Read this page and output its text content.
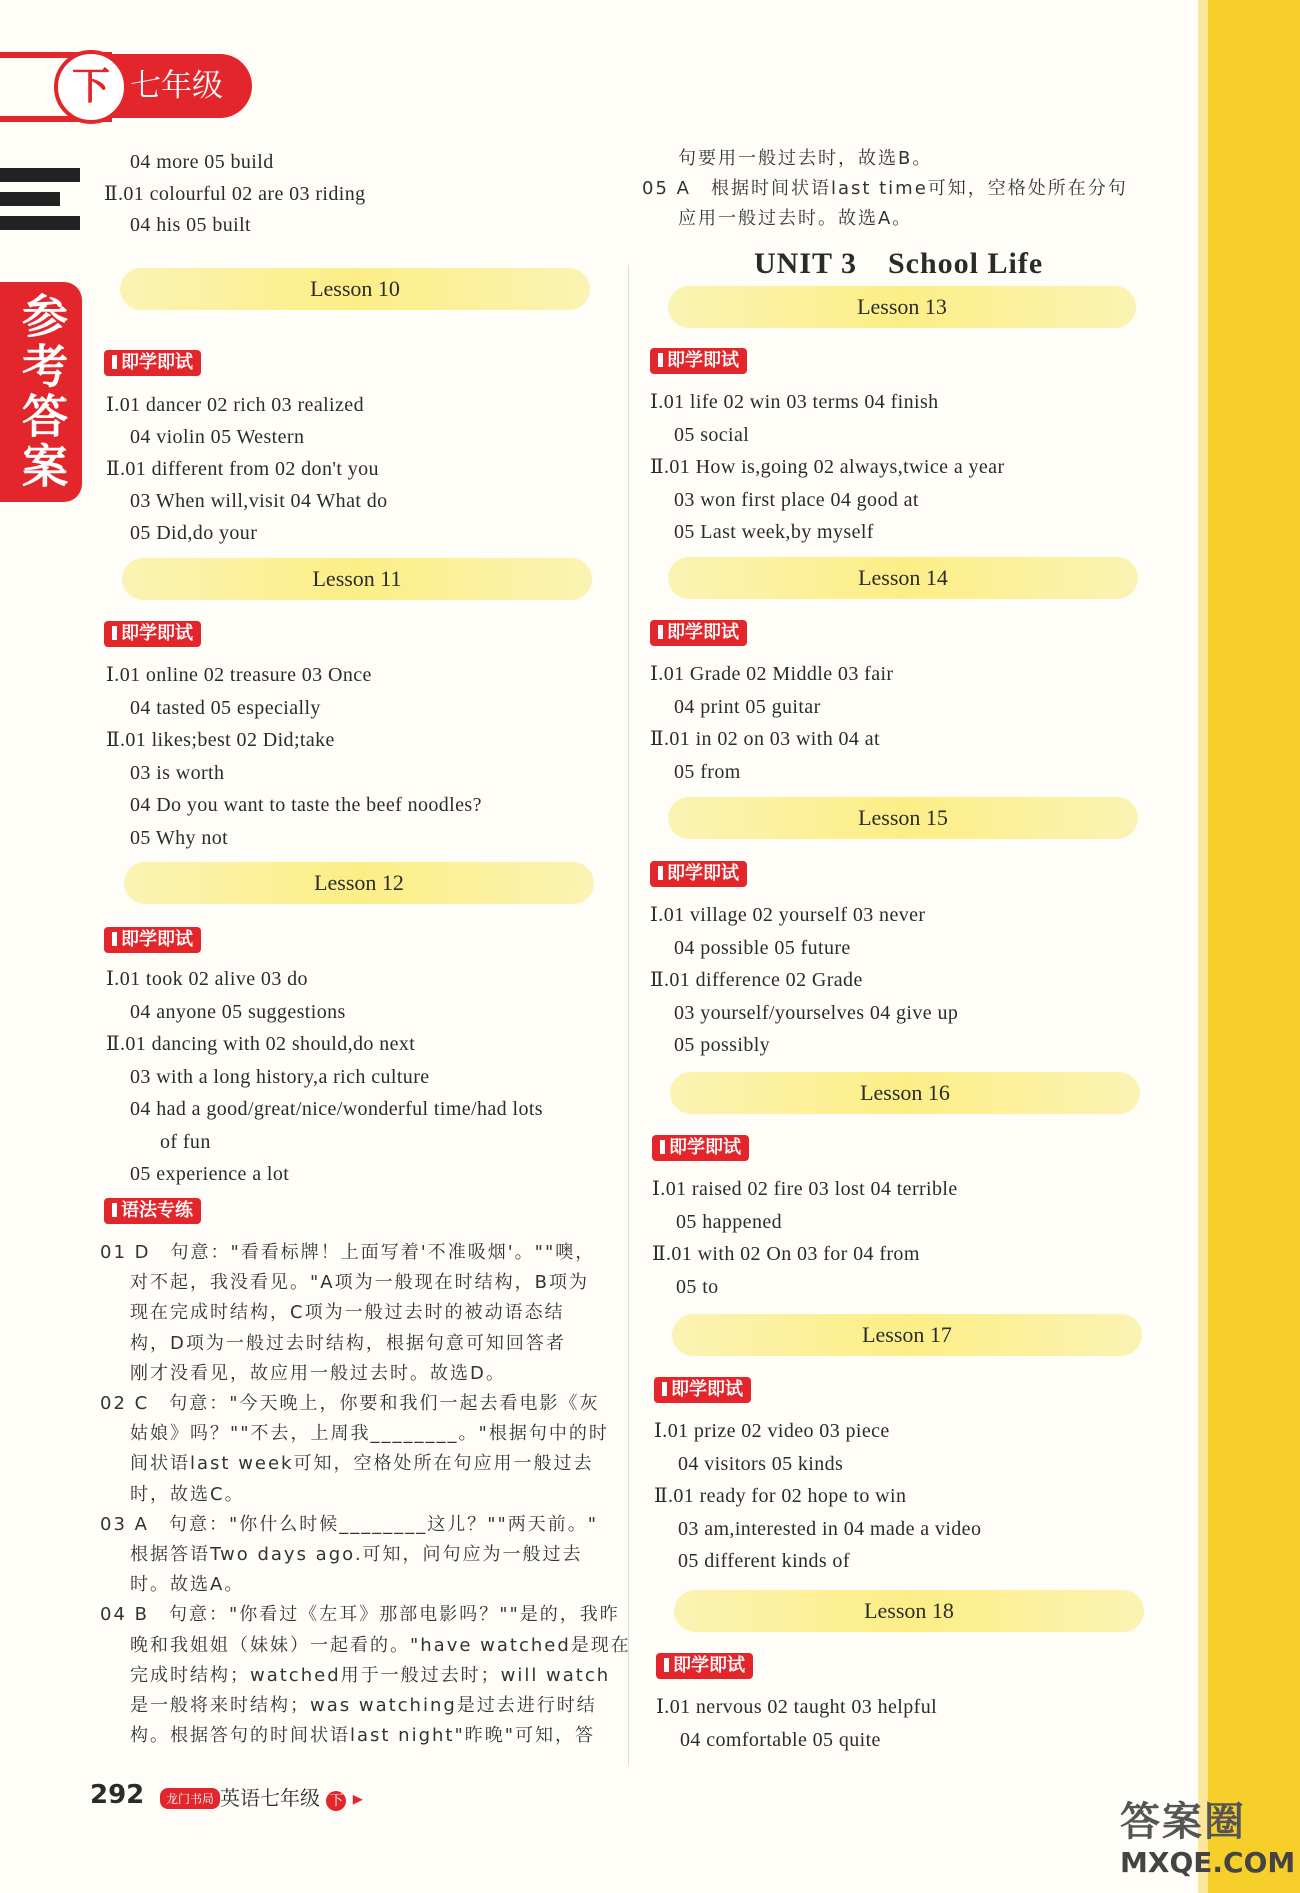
七年级
下
参考答案
292	龙门书局 英语七年级 下 ▸
答案圈
MXQE.COM
04 more 05 build
Ⅱ.01 colourful 02 are 03 riding
04 his 05 built
Lesson 10
即学即试
Ⅰ.01 dancer 02 rich 03 realized
04 violin 05 Western
Ⅱ.01 different from 02 don't you
03 When will,visit 04 What do
05 Did,do your
Lesson 11
即学即试
Ⅰ.01 online 02 treasure 03 Once
04 tasted 05 especially
Ⅱ.01 likes;best 02 Did;take
03 is worth
04 Do you want to taste the beef noodles?
05 Why not
Lesson 12
即学即试
Ⅰ.01 took 02 alive 03 do
04 anyone 05 suggestions
Ⅱ.01 dancing with 02 should,do next
03 with a long history,a rich culture
04 had a good/great/nice/wonderful time/had lots
of fun
05 experience a lot
语法专练
01 D　句意："看看标牌！上面写着'不准吸烟'。""噢，
对不起，我没看见。"A项为一般现在时结构，B项为
现在完成时结构，C项为一般过去时的被动语态结
构，D项为一般过去时结构，根据句意可知回答者
刚才没看见，故应用一般过去时。故选D。
02 C　句意："今天晚上，你要和我们一起去看电影《灰
姑娘》吗？""不去，上周我________。"根据句中的时
间状语last week可知，空格处所在句应用一般过去
时，故选C。
03 A　句意："你什么时候________这儿？""两天前。"
根据答语Two days ago.可知，问句应为一般过去
时。故选A。
04 B　句意："你看过《左耳》那部电影吗？""是的，我昨
晚和我姐姐（妹妹）一起看的。"have watched是现在
完成时结构；watched用于一般过去时；will watch
是一般将来时结构；was watching是过去进行时结
构。根据答句的时间状语last night"昨晚"可知，答
句要用一般过去时，故选B。
05 A　根据时间状语last time可知，空格处所在分句
应用一般过去时。故选A。
UNIT 3　School Life
Lesson 13
即学即试
Ⅰ.01 life 02 win 03 terms 04 finish
05 social
Ⅱ.01 How is,going 02 always,twice a year
03 won first place 04 good at
05 Last week,by myself
Lesson 14
即学即试
Ⅰ.01 Grade 02 Middle 03 fair
04 print 05 guitar
Ⅱ.01 in 02 on 03 with 04 at
05 from
Lesson 15
即学即试
Ⅰ.01 village 02 yourself 03 never
04 possible 05 future
Ⅱ.01 difference 02 Grade
03 yourself/yourselves 04 give up
05 possibly
Lesson 16
即学即试
Ⅰ.01 raised 02 fire 03 lost 04 terrible
05 happened
Ⅱ.01 with 02 On 03 for 04 from
05 to
Lesson 17
即学即试
Ⅰ.01 prize 02 video 03 piece
04 visitors 05 kinds
Ⅱ.01 ready for 02 hope to win
03 am,interested in 04 made a video
05 different kinds of
Lesson 18
即学即试
Ⅰ.01 nervous 02 taught 03 helpful
04 comfortable 05 quite
